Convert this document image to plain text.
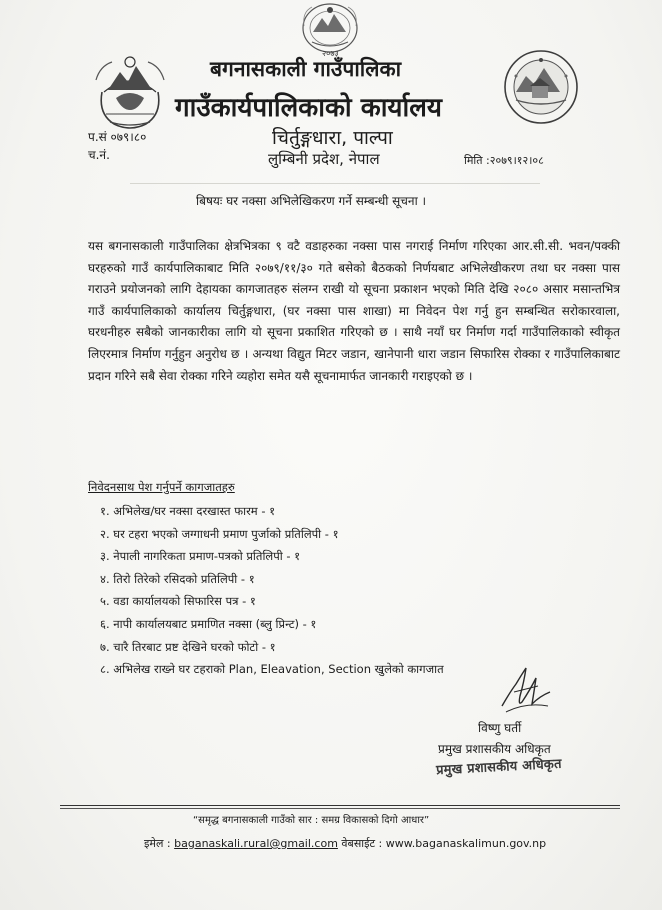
२०७३
बगनासकाली गाउँपालिका
गाउँकार्यपालिकाको कार्यालय
चिर्तुङ्गधारा, पाल्पा
लुम्बिनी प्रदेश, नेपाल
प.सं ०७९।८०
च.नं.	मिति :२०७९।१२।०८
बिषयः घर नक्सा अभिलेखिकरण गर्ने सम्बन्धी सूचना ।
यस बगनासकाली गाउँपालिका क्षेत्रभित्रका ९ वटै वडाहरुका नक्सा पास नगराई निर्माण गरिएका आर.सी.सी. भवन/पक्की घरहरुको गाउँ कार्यपालिकाबाट मिति २०७९/११/३० गते बसेको बैठकको निर्णयबाट अभिलेखीकरण तथा घर नक्सा पास गराउने प्रयोजनको लागि देहायका कागजातहरु संलग्न राखी यो सूचना प्रकाशन भएको मिति देखि २०८० असार मसान्तभित्र गाउँ कार्यपालिकाको कार्यालय चिर्तुङ्गधारा, (घर नक्सा पास शाखा) मा निवेदन पेश गर्नु हुन सम्बन्धित सरोकारवाला, घरधनीहरु सबैको जानकारीका लागि यो सूचना प्रकाशित गरिएको छ । साथै नयाँ घर निर्माण गर्दा गाउँपालिकाको स्वीकृत लिएरमात्र निर्माण गर्नुहुन अनुरोध छ । अन्यथा विद्युत मिटर जडान, खानेपानी धारा जडान सिफारिस रोक्का र गाउँपालिकाबाट प्रदान गरिने सबै सेवा रोक्का गरिने व्यहोरा समेत यसै सूचनामार्फत जानकारी गराइएको छ ।
निवेदनसाथ पेश गर्नुपर्ने कागजातहरु
१. अभिलेख/घर नक्सा दरखास्त फारम - १
२. घर टहरा भएको जग्गाधनी प्रमाण पुर्जाको प्रतिलिपी - १
३. नेपाली नागरिकता प्रमाण-पत्रको प्रतिलिपी - १
४. तिरो तिरेको रसिदको प्रतिलिपी - १
५. वडा कार्यालयको सिफारिस पत्र - १
६. नापी कार्यालयबाट प्रमाणित नक्सा (ब्लु प्रिन्ट) - १
७. चारै तिरबाट प्रष्ट देखिने घरको फोटो - १
८. अभिलेख राख्ने घर टहराको Plan, Eleavation, Section खुलेको कागजात
विष्णु घर्ती
प्रमुख प्रशासकीय अधिकृत
प्रमुख प्रशासकीय अधिकृत
“समृद्ध बगनासकाली गाउँको सार : समग्र विकासको दिगो आधार”
इमेल : baganaskali.rural@gmail.com वेबसाईट : www.baganaskalimun.gov.np
